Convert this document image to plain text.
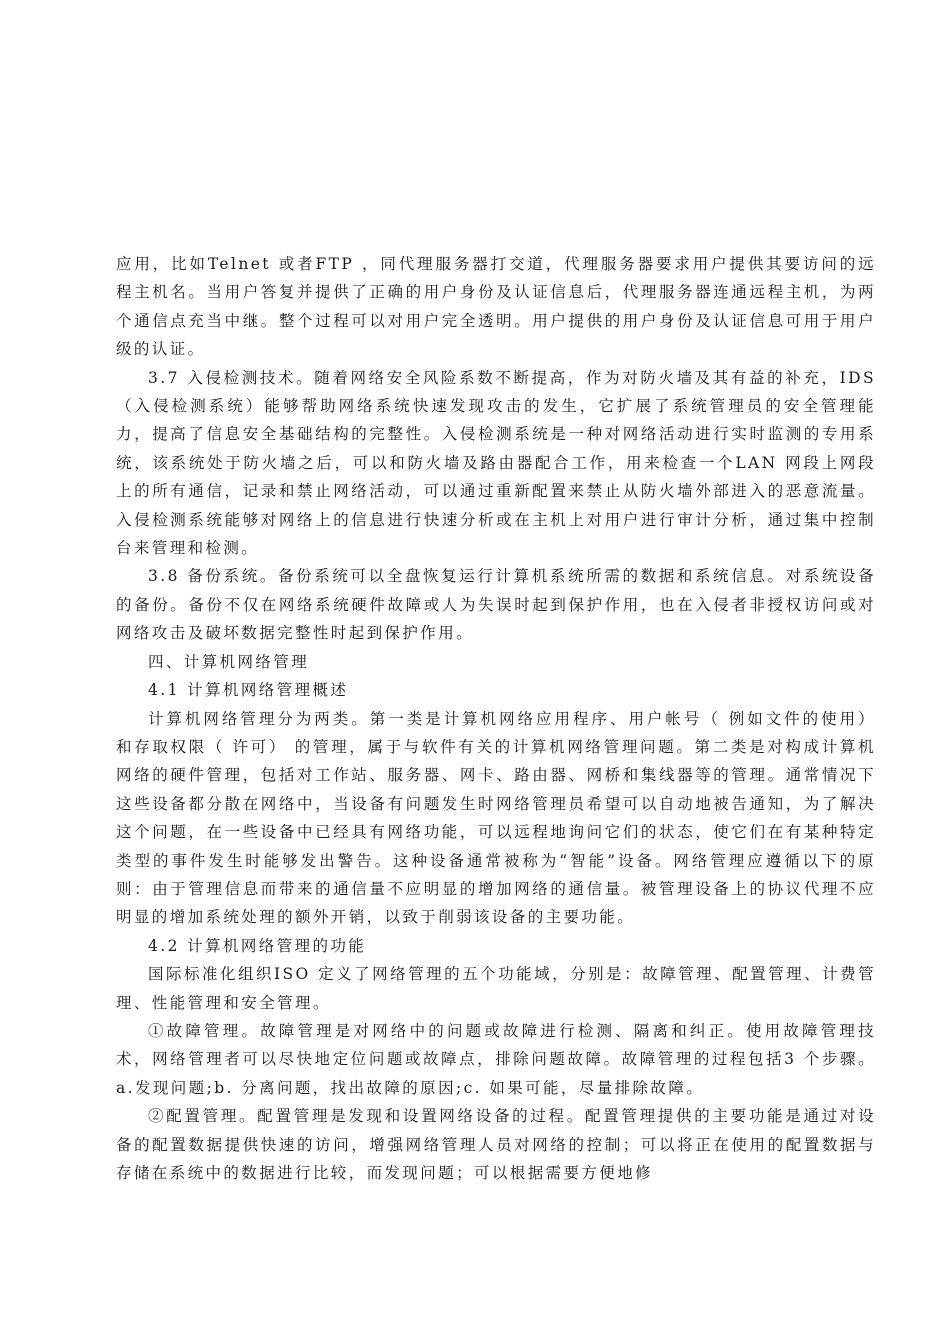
应用，比如Telnet 或者FTP ，同代理服务器打交道，代理服务器要求用户提供其要访问的远程主机名。当用户答复并提供了正确的用户身份及认证信息后，代理服务器连通远程主机，为两个通信点充当中继。整个过程可以对用户完全透明。用户提供的用户身份及认证信息可用于用户级的认证。

3.7 入侵检测技术。随着网络安全风险系数不断提高，作为对防火墙及其有益的补充，IDS （入侵检测系统）能够帮助网络系统快速发现攻击的发生，它扩展了系统管理员的安全管理能力，提高了信息安全基础结构的完整性。入侵检测系统是一种对网络活动进行实时监测的专用系统，该系统处于防火墙之后，可以和防火墙及路由器配合工作，用来检查一个LAN 网段上网段上的所有通信，记录和禁止网络活动，可以通过重新配置来禁止从防火墙外部进入的恶意流量。入侵检测系统能够对网络上的信息进行快速分析或在主机上对用户进行审计分析，通过集中控制台来管理和检测。

3.8 备份系统。备份系统可以全盘恢复运行计算机系统所需的数据和系统信息。对系统设备的备份。备份不仅在网络系统硬件故障或人为失误时起到保护作用，也在入侵者非授权访问或对网络攻击及破坏数据完整性时起到保护作用。

四、计算机网络管理

4.1 计算机网络管理概述

计算机网络管理分为两类。第一类是计算机网络应用程序、用户帐号（ 例如文件的使用） 和存取权限（ 许可） 的管理，属于与软件有关的计算机网络管理问题。第二类是对构成计算机网络的硬件管理，包括对工作站、服务器、网卡、路由器、网桥和集线器等的管理。通常情况下这些设备都分散在网络中，当设备有问题发生时网络管理员希望可以自动地被告通知，为了解决这个问题，在一些设备中已经具有网络功能，可以远程地询问它们的状态，使它们在有某种特定类型的事件发生时能够发出警告。这种设备通常被称为“智能”设备。网络管理应遵循以下的原则：由于管理信息而带来的通信量不应明显的增加网络的通信量。被管理设备上的协议代理不应明显的增加系统处理的额外开销，以致于削弱该设备的主要功能。

4.2 计算机网络管理的功能

国际标准化组织ISO 定义了网络管理的五个功能域，分别是：故障管理、配置管理、计费管理、性能管理和安全管理。

①故障管理。故障管理是对网络中的问题或故障进行检测、隔离和纠正。使用故障管理技术，网络管理者可以尽快地定位问题或故障点，排除问题故障。故障管理的过程包括3 个步骤。a.发现问题;b. 分离问题，找出故障的原因;c. 如果可能，尽量排除故障。

②配置管理。配置管理是发现和设置网络设备的过程。配置管理提供的主要功能是通过对设备的配置数据提供快速的访问，增强网络管理人员对网络的控制；可以将正在使用的配置数据与存储在系统中的数据进行比较，而发现问题；可以根据需要方便地修
